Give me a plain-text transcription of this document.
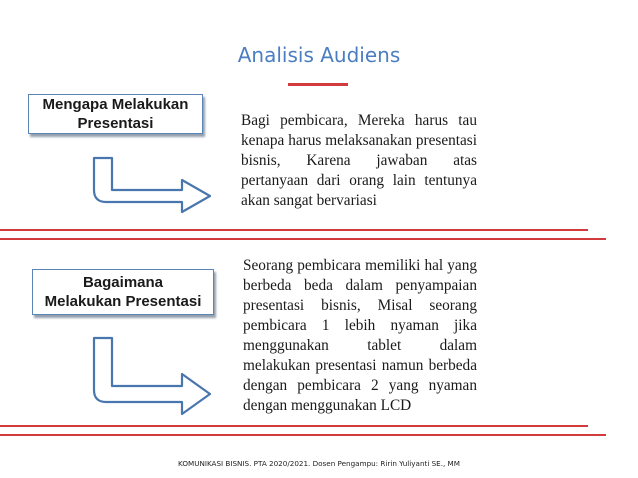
Analisis Audiens
Mengapa Melakukan
Presentasi	Bagi pembicara, Mereka harus tau kenapa harus melaksanakan presentasi bisnis, Karena jawaban atas pertanyaan dari orang lain tentunya akan sangat bervariasi
Bagaimana
Melakukan Presentasi
Seorang pembicara memiliki hal yang berbeda beda dalam penyampaian presentasi bisnis, Misal seorang pembicara 1 lebih nyaman jika menggunakan tablet dalam melakukan presentasi namun berbeda dengan pembicara 2 yang nyaman dengan menggunakan LCD
KOMUNIKASI BISNIS. PTA 2020/2021. Dosen Pengampu: Ririn Yuliyanti SE., MM
